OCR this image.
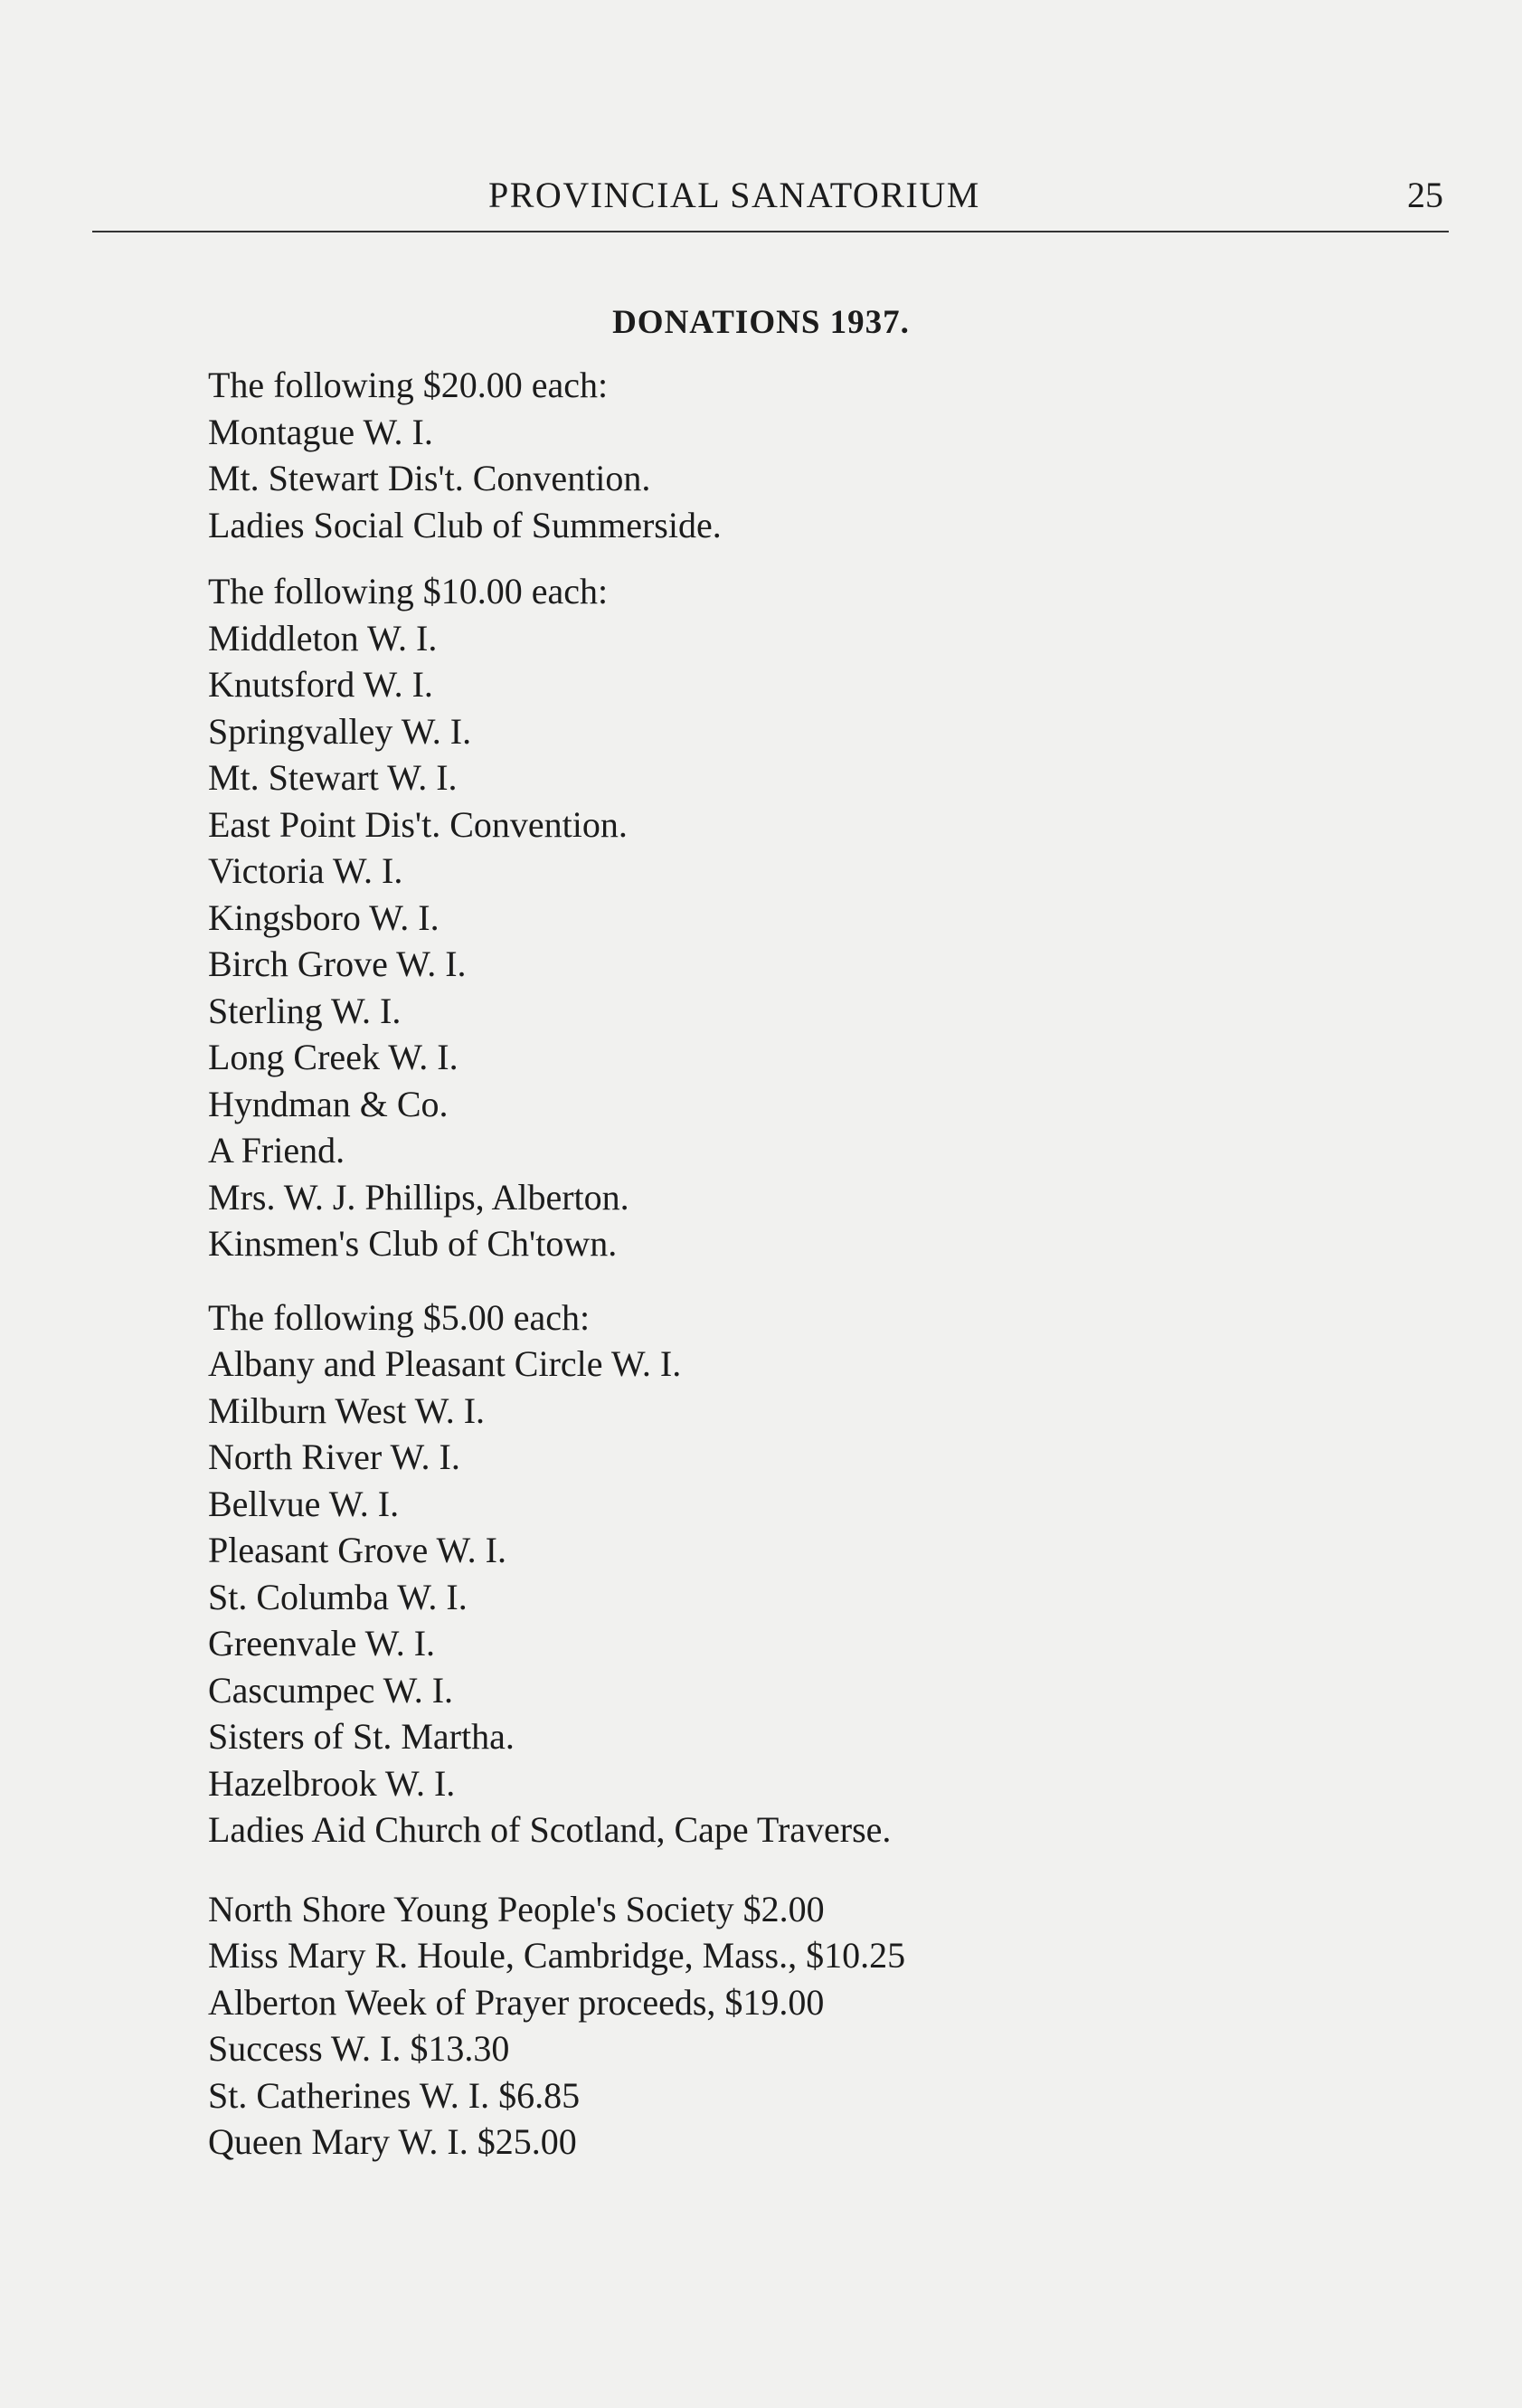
PROVINCIAL SANATORIUM	25
DONATIONS 1937.
The following $20.00 each:
Montague W. I.
Mt. Stewart Dis't. Convention.
Ladies Social Club of Summerside.
The following $10.00 each:
Middleton W. I.
Knutsford W. I.
Springvalley W. I.
Mt. Stewart W. I.
East Point Dis't. Convention.
Victoria W. I.
Kingsboro W. I.
Birch Grove W. I.
Sterling W. I.
Long Creek W. I.
Hyndman & Co.
A Friend.
Mrs. W. J. Phillips, Alberton.
Kinsmen's Club of Ch'town.
The following $5.00 each:
Albany and Pleasant Circle W. I.
Milburn West W. I.
North River W. I.
Bellvue W. I.
Pleasant Grove W. I.
St. Columba W. I.
Greenvale W. I.
Cascumpec W. I.
Sisters of St. Martha.
Hazelbrook W. I.
Ladies Aid Church of Scotland, Cape Traverse.
North Shore Young People's Society $2.00
Miss Mary R. Houle, Cambridge, Mass., $10.25
Alberton Week of Prayer proceeds, $19.00
Success W. I. $13.30
St. Catherines W. I. $6.85
Queen Mary W. I. $25.00
